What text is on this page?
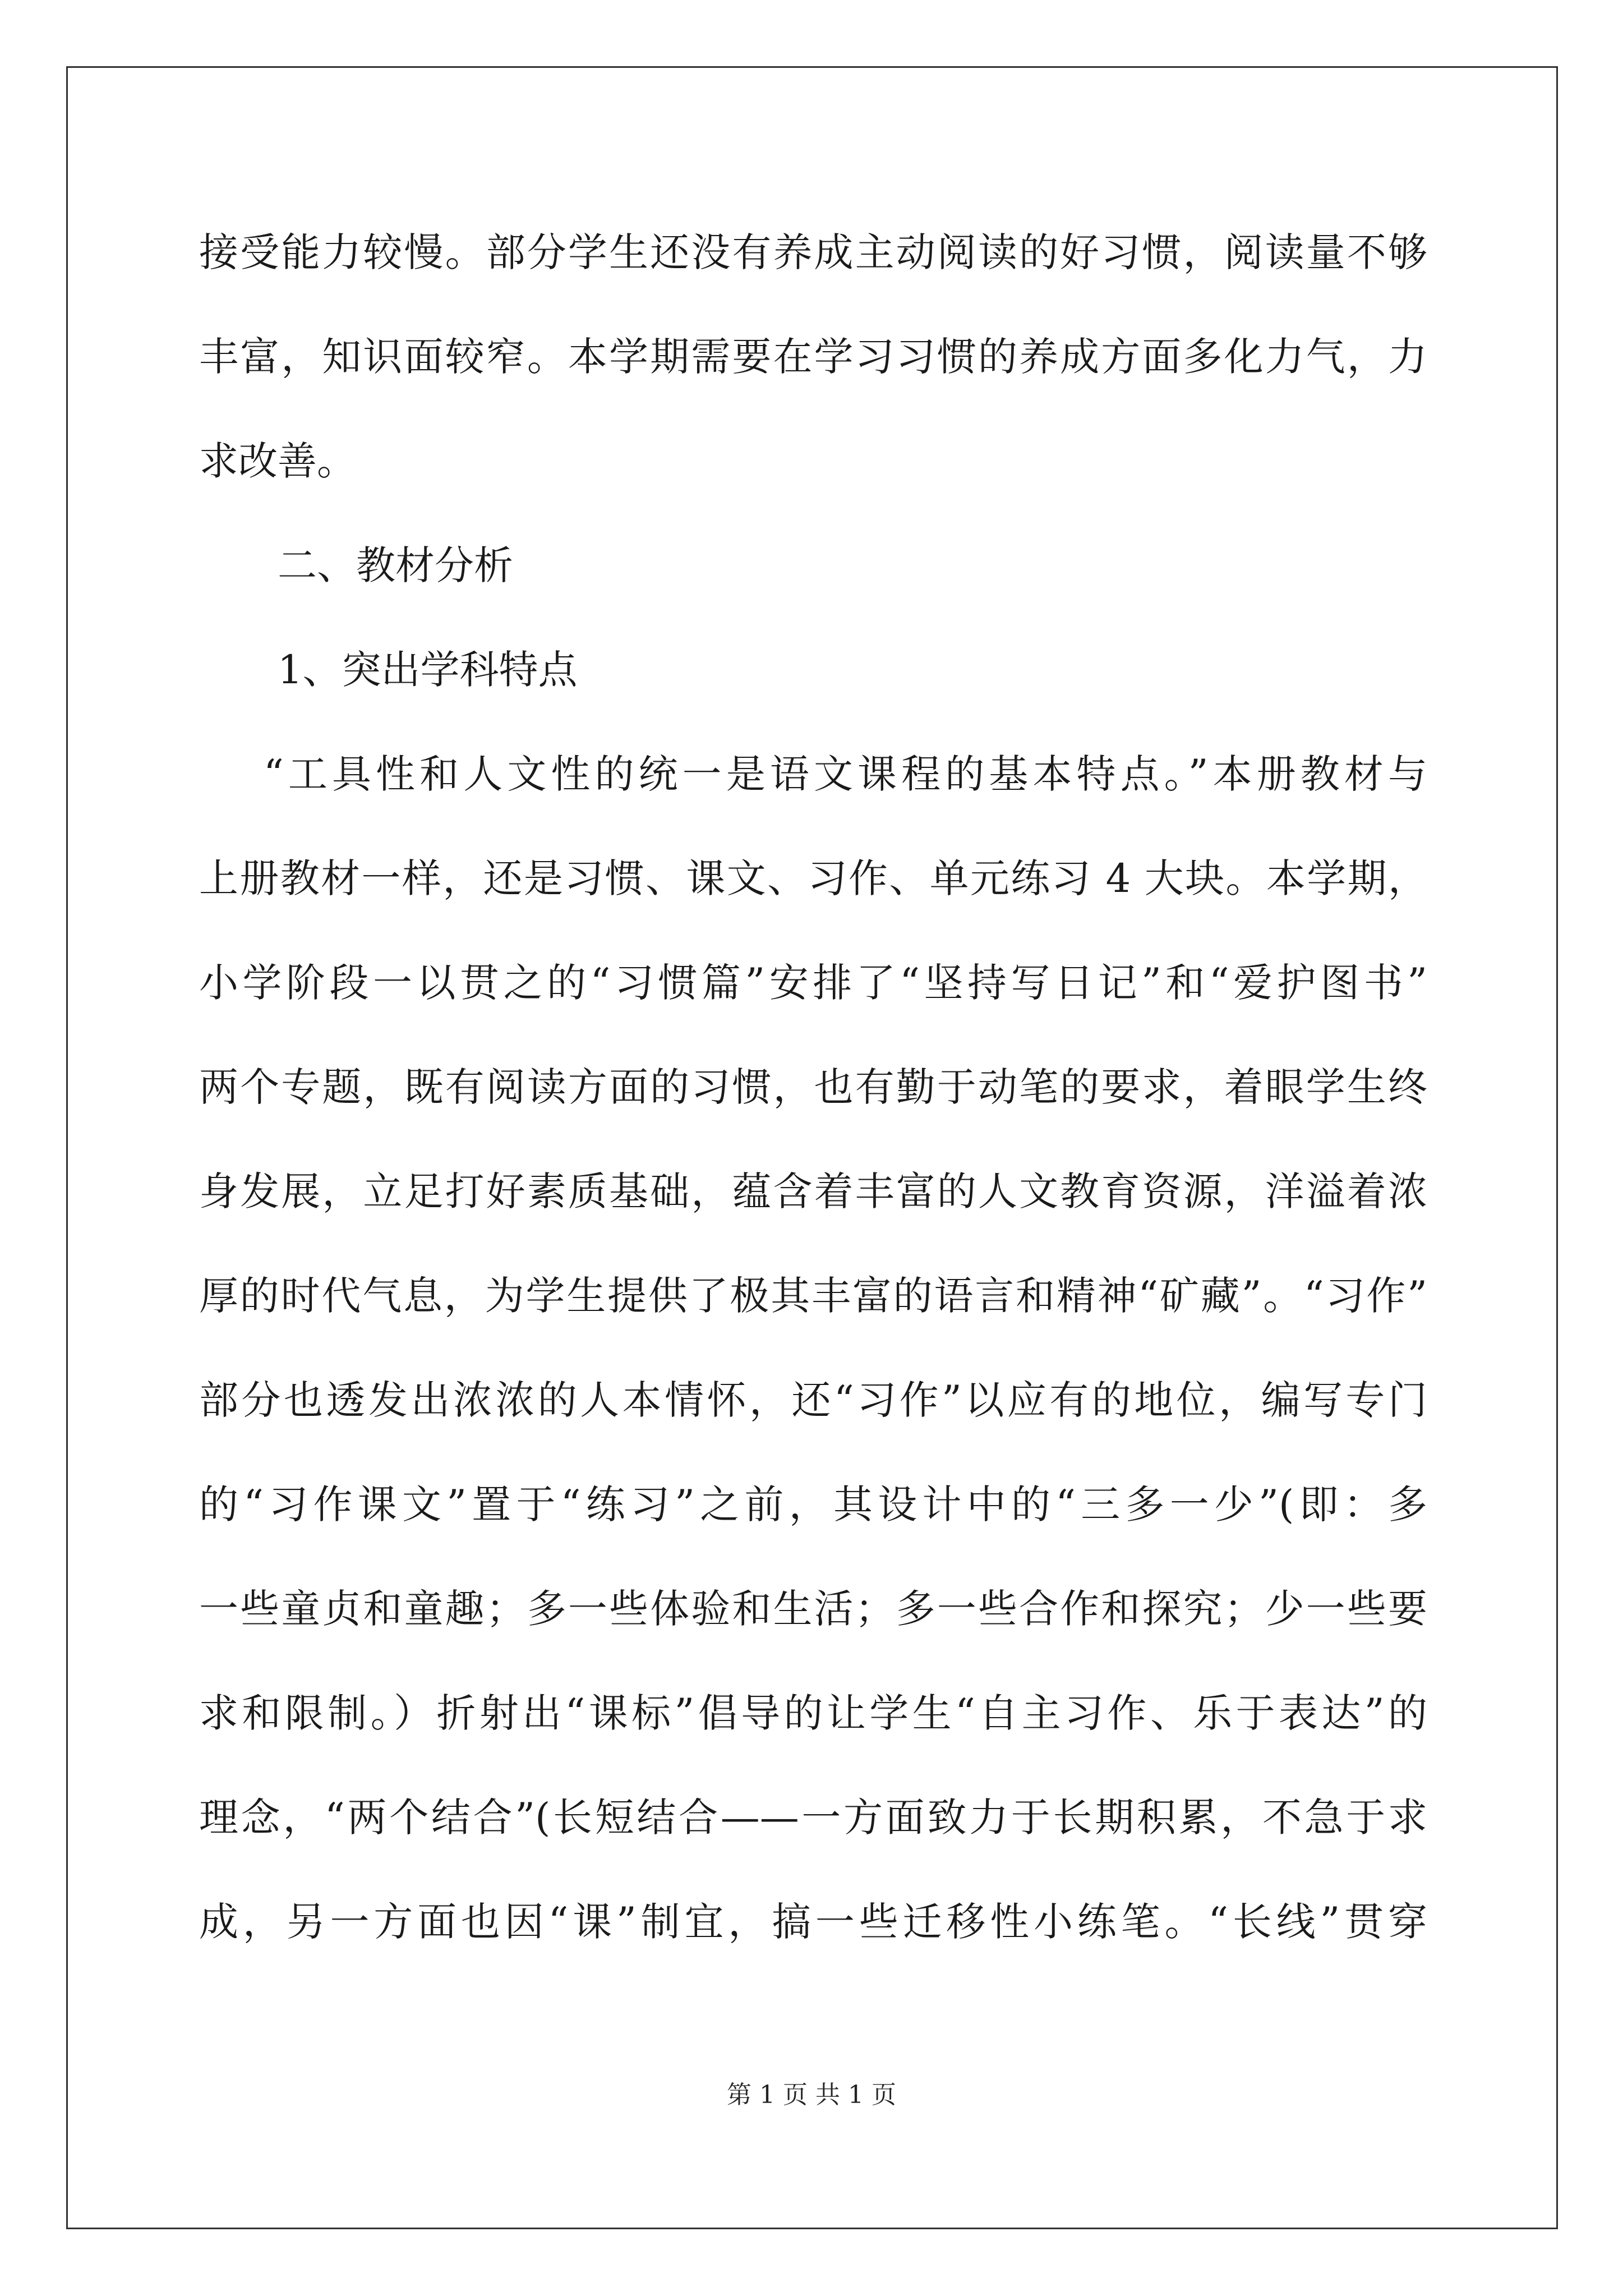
接受能力较慢。部分学生还没有养成主动阅读的好习惯，阅读量不够
丰富，知识面较窄。本学期需要在学习习惯的养成方面多化力气，力
求改善。
二、教材分析
1、突出学科特点
“工具性和人文性的统一是语文课程的基本特点。”本册教材与
上册教材一样，还是习惯、课文、习作、单元练习 4 大块。本学期，
小学阶段一以贯之的“习惯篇”安排了“坚持写日记”和“爱护图书”
两个专题，既有阅读方面的习惯，也有勤于动笔的要求，着眼学生终
身发展，立足打好素质基础，蕴含着丰富的人文教育资源，洋溢着浓
厚的时代气息，为学生提供了极其丰富的语言和精神“矿藏”。“习作”
部分也透发出浓浓的人本情怀，还“习作”以应有的地位，编写专门
的“习作课文”置于“练习”之前，其设计中的“三多一少”(即：多
一些童贞和童趣；多一些体验和生活；多一些合作和探究；少一些要
求和限制。）折射出“课标”倡导的让学生“自主习作、乐于表达”的
理念，“两个结合”(长短结合——一方面致力于长期积累，不急于求
成，另一方面也因“课”制宜，搞一些迁移性小练笔。“长线”贯穿
第 1 页 共 1 页
